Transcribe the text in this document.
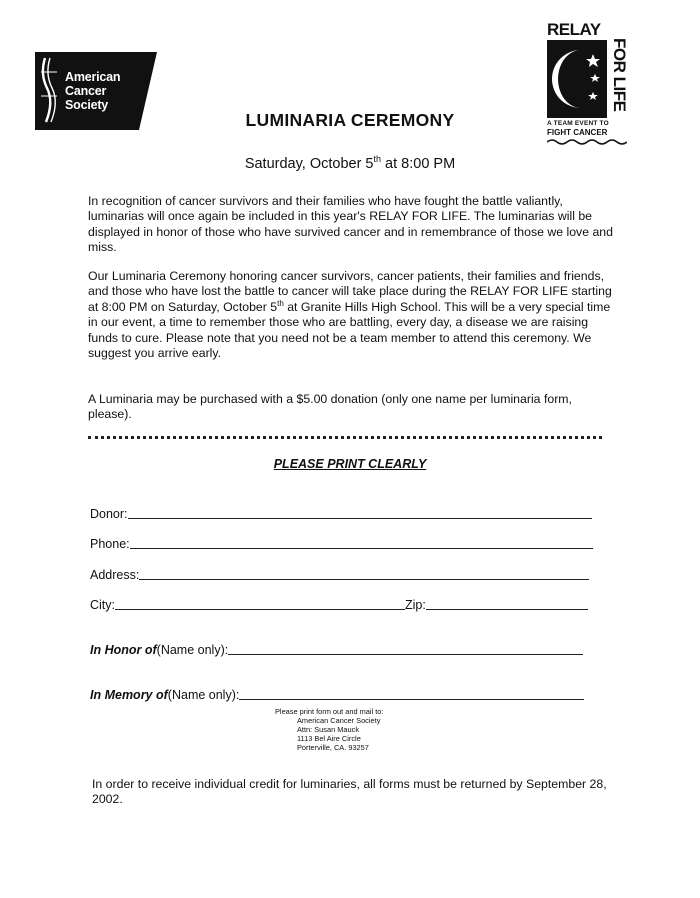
American
Cancer
Society
RELAY
FOR LIFE
A TEAM EVENT TO
FIGHT CANCER
LUMINARIA CEREMONY
Saturday, October 5th at 8:00 PM

In recognition of cancer survivors and their families who have fought the battle valiantly, luminarias will once again be included in this year's RELAY FOR LIFE. The luminarias will be displayed in honor of those who have survived cancer and in remembrance of those we love and miss.

Our Luminaria Ceremony honoring cancer survivors, cancer patients, their families and friends, and those who have lost the battle to cancer will take place during the RELAY FOR LIFE starting at 8:00 PM on Saturday, October 5th at Granite Hills High School. This will be a very special time in our event, a time to remember those who are battling, every day, a disease we are raising funds to cure. Please note that you need not be a team member to attend this ceremony. We suggest you arrive early.

A Luminaria may be purchased with a $5.00 donation (only one name per luminaria form, please).

PLEASE PRINT CLEARLY
Donor:
Phone:
Address:
City:	Zip:
In Honor of (Name only):
In Memory of (Name only):
Please print form out and mail to:
American Cancer Society
Attn: Susan Mauck
1113 Bel Aire Circle
Porterville, CA. 93257

In order to receive individual credit for luminaries, all forms must be returned by September 28, 2002.
